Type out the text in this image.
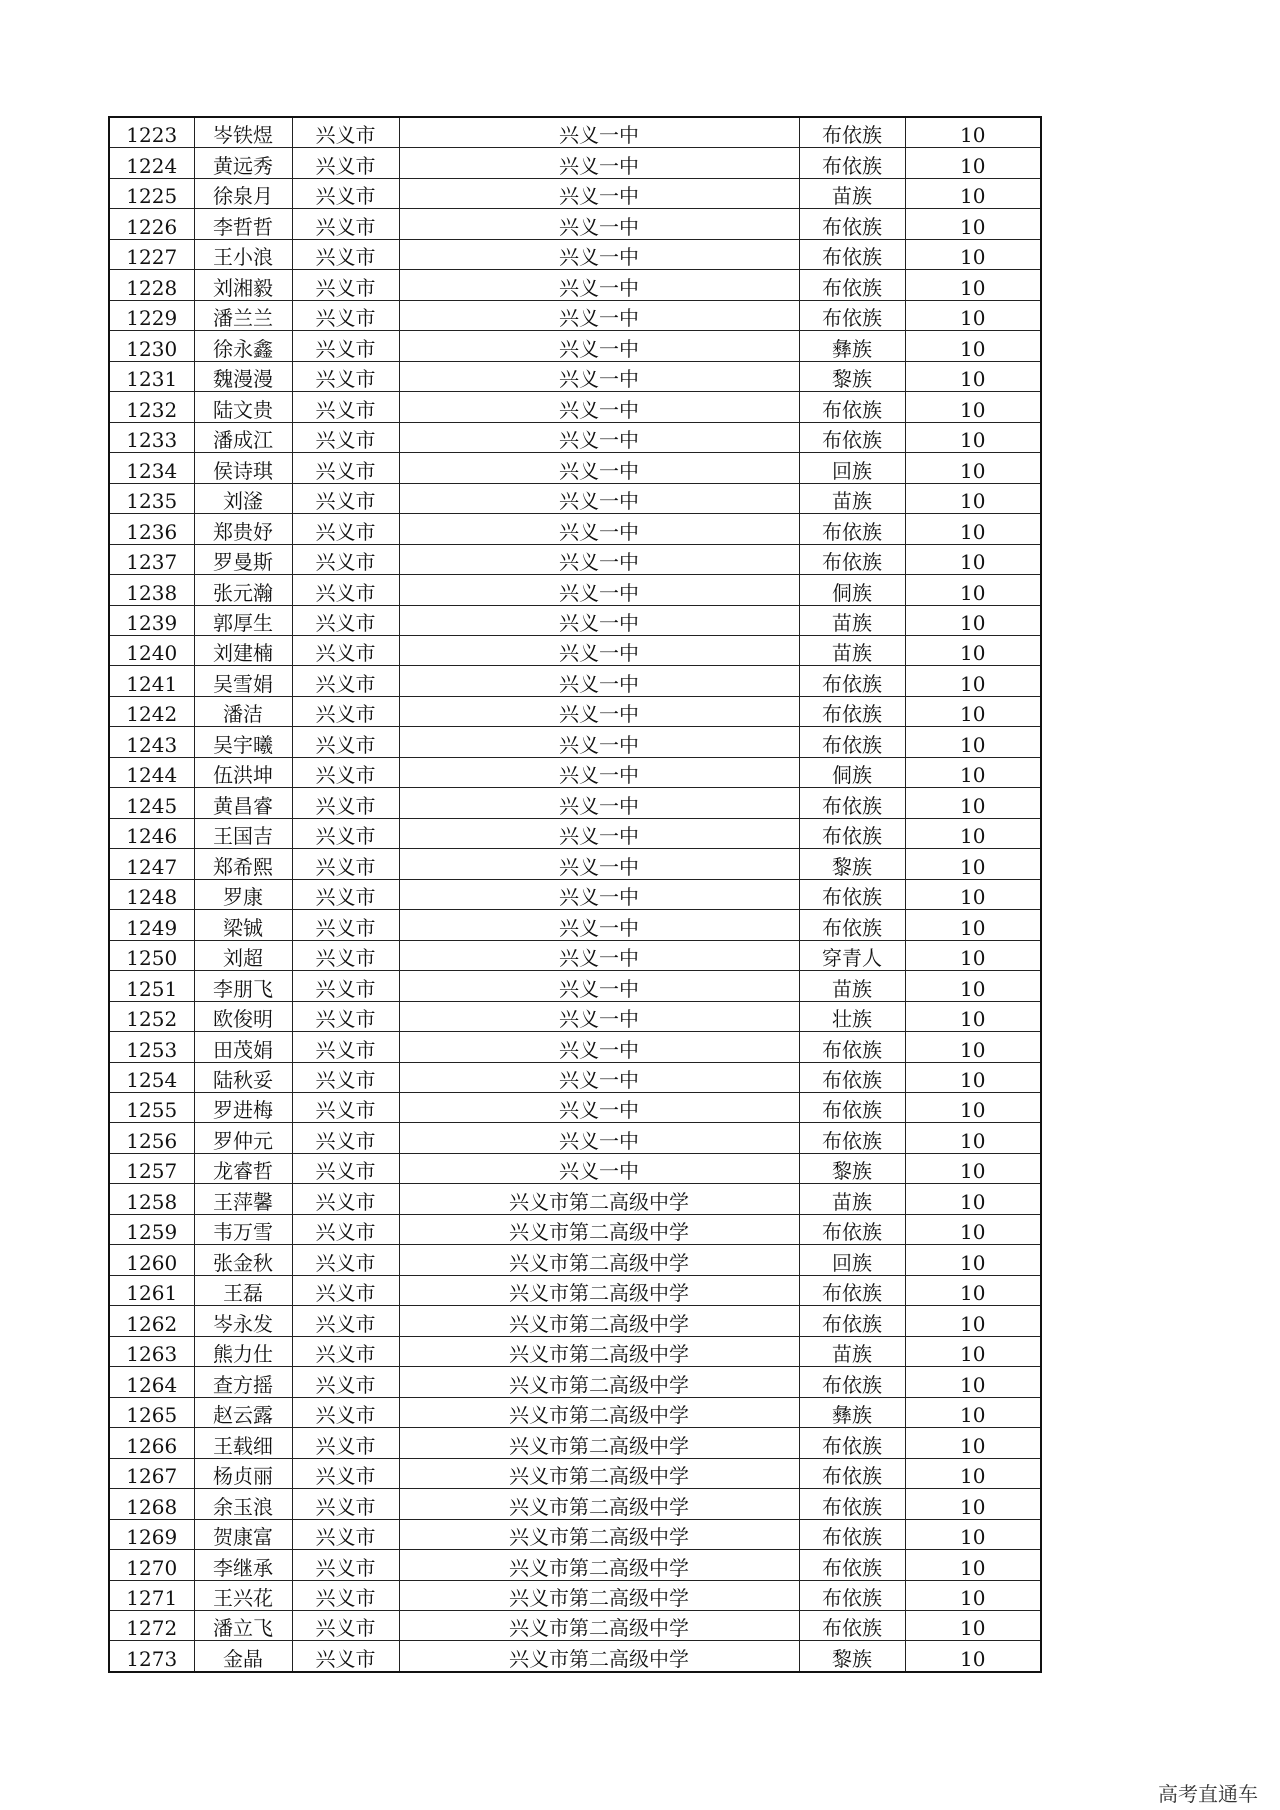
1223	岑铁煜	兴义市	兴义一中	布依族	10
1224	黄远秀	兴义市	兴义一中	布依族	10
1225	徐泉月	兴义市	兴义一中	苗族	10
1226	李哲哲	兴义市	兴义一中	布依族	10
1227	王小浪	兴义市	兴义一中	布依族	10
1228	刘湘毅	兴义市	兴义一中	布依族	10
1229	潘兰兰	兴义市	兴义一中	布依族	10
1230	徐永鑫	兴义市	兴义一中	彝族	10
1231	魏漫漫	兴义市	兴义一中	黎族	10
1232	陆文贵	兴义市	兴义一中	布依族	10
1233	潘成江	兴义市	兴义一中	布依族	10
1234	侯诗琪	兴义市	兴义一中	回族	10
1235	刘滏	兴义市	兴义一中	苗族	10
1236	郑贵妤	兴义市	兴义一中	布依族	10
1237	罗曼斯	兴义市	兴义一中	布依族	10
1238	张元瀚	兴义市	兴义一中	侗族	10
1239	郭厚生	兴义市	兴义一中	苗族	10
1240	刘建楠	兴义市	兴义一中	苗族	10
1241	吴雪娟	兴义市	兴义一中	布依族	10
1242	潘洁	兴义市	兴义一中	布依族	10
1243	吴宇曦	兴义市	兴义一中	布依族	10
1244	伍洪坤	兴义市	兴义一中	侗族	10
1245	黄昌睿	兴义市	兴义一中	布依族	10
1246	王国吉	兴义市	兴义一中	布依族	10
1247	郑希熙	兴义市	兴义一中	黎族	10
1248	罗康	兴义市	兴义一中	布依族	10
1249	梁铖	兴义市	兴义一中	布依族	10
1250	刘超	兴义市	兴义一中	穿青人	10
1251	李朋飞	兴义市	兴义一中	苗族	10
1252	欧俊明	兴义市	兴义一中	壮族	10
1253	田茂娟	兴义市	兴义一中	布依族	10
1254	陆秋妥	兴义市	兴义一中	布依族	10
1255	罗进梅	兴义市	兴义一中	布依族	10
1256	罗仲元	兴义市	兴义一中	布依族	10
1257	龙睿哲	兴义市	兴义一中	黎族	10
1258	王萍馨	兴义市	兴义市第二高级中学	苗族	10
1259	韦万雪	兴义市	兴义市第二高级中学	布依族	10
1260	张金秋	兴义市	兴义市第二高级中学	回族	10
1261	王磊	兴义市	兴义市第二高级中学	布依族	10
1262	岑永发	兴义市	兴义市第二高级中学	布依族	10
1263	熊力仕	兴义市	兴义市第二高级中学	苗族	10
1264	查方摇	兴义市	兴义市第二高级中学	布依族	10
1265	赵云露	兴义市	兴义市第二高级中学	彝族	10
1266	王载细	兴义市	兴义市第二高级中学	布依族	10
1267	杨贞丽	兴义市	兴义市第二高级中学	布依族	10
1268	余玉浪	兴义市	兴义市第二高级中学	布依族	10
1269	贺康富	兴义市	兴义市第二高级中学	布依族	10
1270	李继承	兴义市	兴义市第二高级中学	布依族	10
1271	王兴花	兴义市	兴义市第二高级中学	布依族	10
1272	潘立飞	兴义市	兴义市第二高级中学	布依族	10
1273	金晶	兴义市	兴义市第二高级中学	黎族	10
高考直通车
